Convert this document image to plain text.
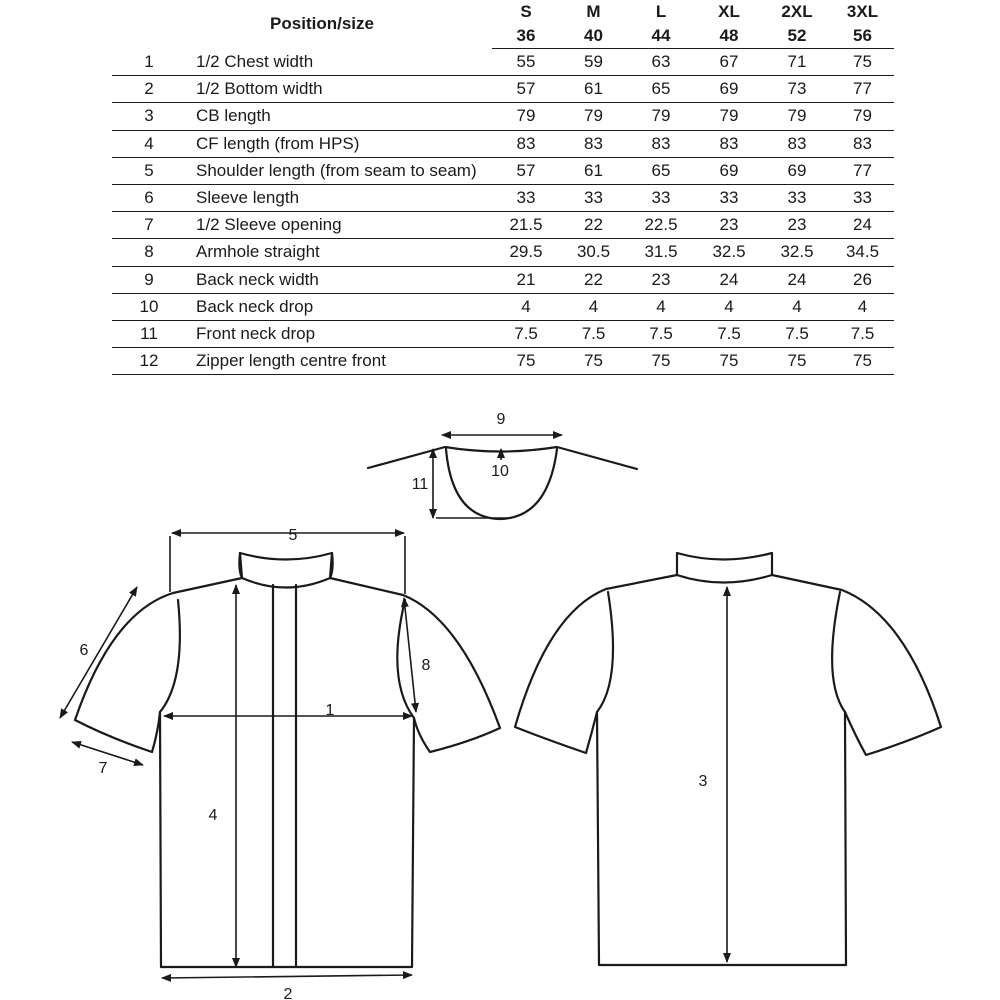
Position/size		S	M	L	XL	2XL	3XL
		36	40	44	48	52	56
1	1/2 Chest width	55	59	63	67	71	75
2	1/2 Bottom width	57	61	65	69	73	77
3	CB length	79	79	79	79	79	79
4	CF length (from HPS)	83	83	83	83	83	83
5	Shoulder length (from seam to seam)	57	61	65	69	69	77
6	Sleeve length	33	33	33	33	33	33
7	1/2 Sleeve opening	21.5	22	22.5	23	23	24
8	Armhole straight	29.5	30.5	31.5	32.5	32.5	34.5
9	Back neck width	21	22	23	24	24	26
10	Back neck drop	4	4	4	4	4	4
11	Front neck drop	7.5	7.5	7.5	7.5	7.5	7.5
12	Zipper length centre front	75	75	75	75	75	75
5
6
7
8
1
4
2
3
9
10
11
